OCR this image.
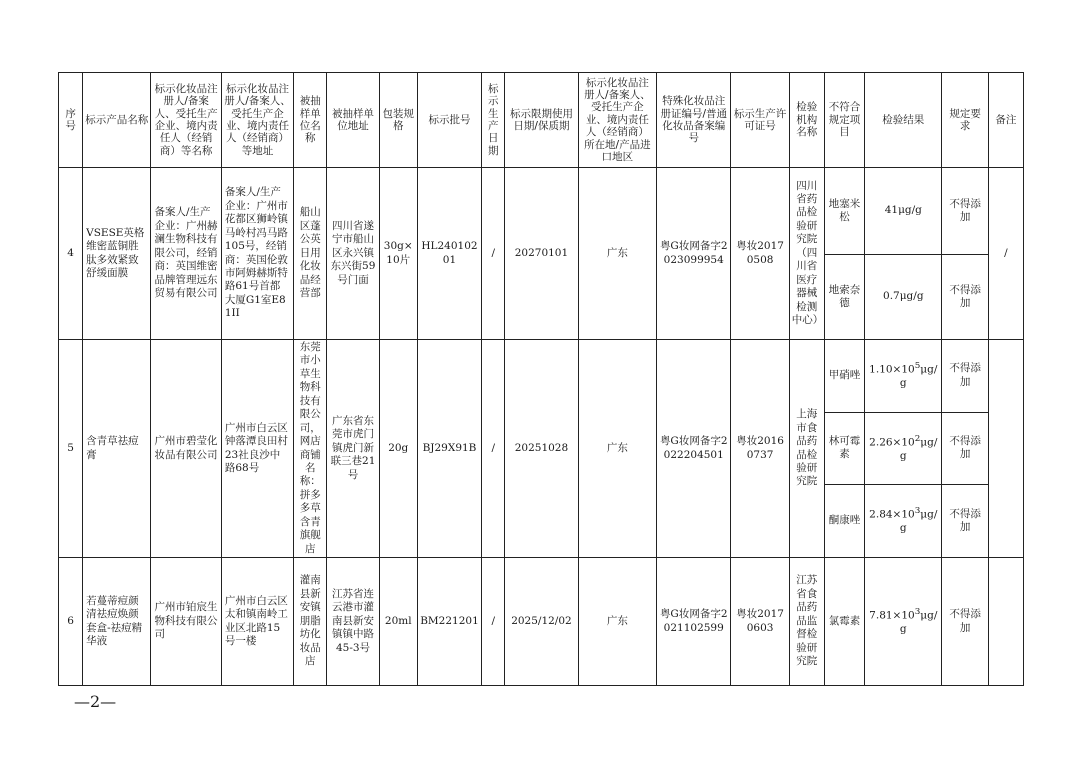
序号	标示产品名称	标示化妆品注册人/备案人、受托生产企业、境内责任人（经销商）等名称	标示化妆品注册人/备案人、受托生产企业、境内责任人（经销商）等地址	被抽样单位名称	被抽样单位地址	包装规格	标示批号	标示生产日期	标示限期使用日期/保质期	标示化妆品注册人/备案人、受托生产企业、境内责任人（经销商）所在地/产品进口地区	特殊化妆品注册证编号/普通化妆品备案编号	标示生产许可证号	检验机构名称	不符合规定项目	检验结果	规定要求	备注
4	VSESE英格维密蓝铜胜肽多效紧致舒缓面膜	备案人/生产企业：广州赫澜生物科技有限公司，经销商：英国维密品牌管理远东贸易有限公司	备案人/生产企业：广州市花都区狮岭镇马岭村冯马路105号，经销商：英国伦敦市阿姆赫斯特路61号首都大厦G1室E81II	船山区蓬公英日用化妆品经营部	四川省遂宁市船山区永兴镇东兴街59号门面	30g×10片	HL24010201	/	20270101	广东	粤G妆网备字2023099954	粤妆20170508	四川省药品检验研究院（四川省医疗器械检测中心）	地塞米松	41μg/g	不得添加	/
														地索奈德	0.7μg/g	不得添加	
5	含青草祛痘膏	广州市碧莹化妆品有限公司	广州市白云区钟落潭良田村23社良沙中路68号	东莞市小草生物科技有限公司，网店商铺名称：拼多多草含青旗舰店	广东省东莞市虎门镇虎门新联三巷21号	20g	BJ29X91B	/	20251028	广东	粤G妆网备字2022204501	粤妆20160737	上海市食品药品检验研究院	甲硝唑	$1.10\times 10^5\mu g/g$	不得添加	
														林可霉素	$2.26\times 10^2\mu g/g$	不得添加	
														酮康唑	$2.84\times 10^3\mu g/g$	不得添加	
6	若蔓蒂痘颜清祛痘焕颜套盒-祛痘精华液	广州市铂宸生物科技有限公司	广州市白云区太和镇南岭工业区北路15号一楼	灌南县新安镇朋脂坊化妆品店	江苏省连云港市灌南县新安镇镇中路45-3号	20ml	BM221201	/	2025/12/02	广东	粤G妆网备字2021102599	粤妆20170603	江苏省食品药品监督检验研究院	氯霉素	$7.81\times 10^3\mu g/g$	不得添加	
—2—
